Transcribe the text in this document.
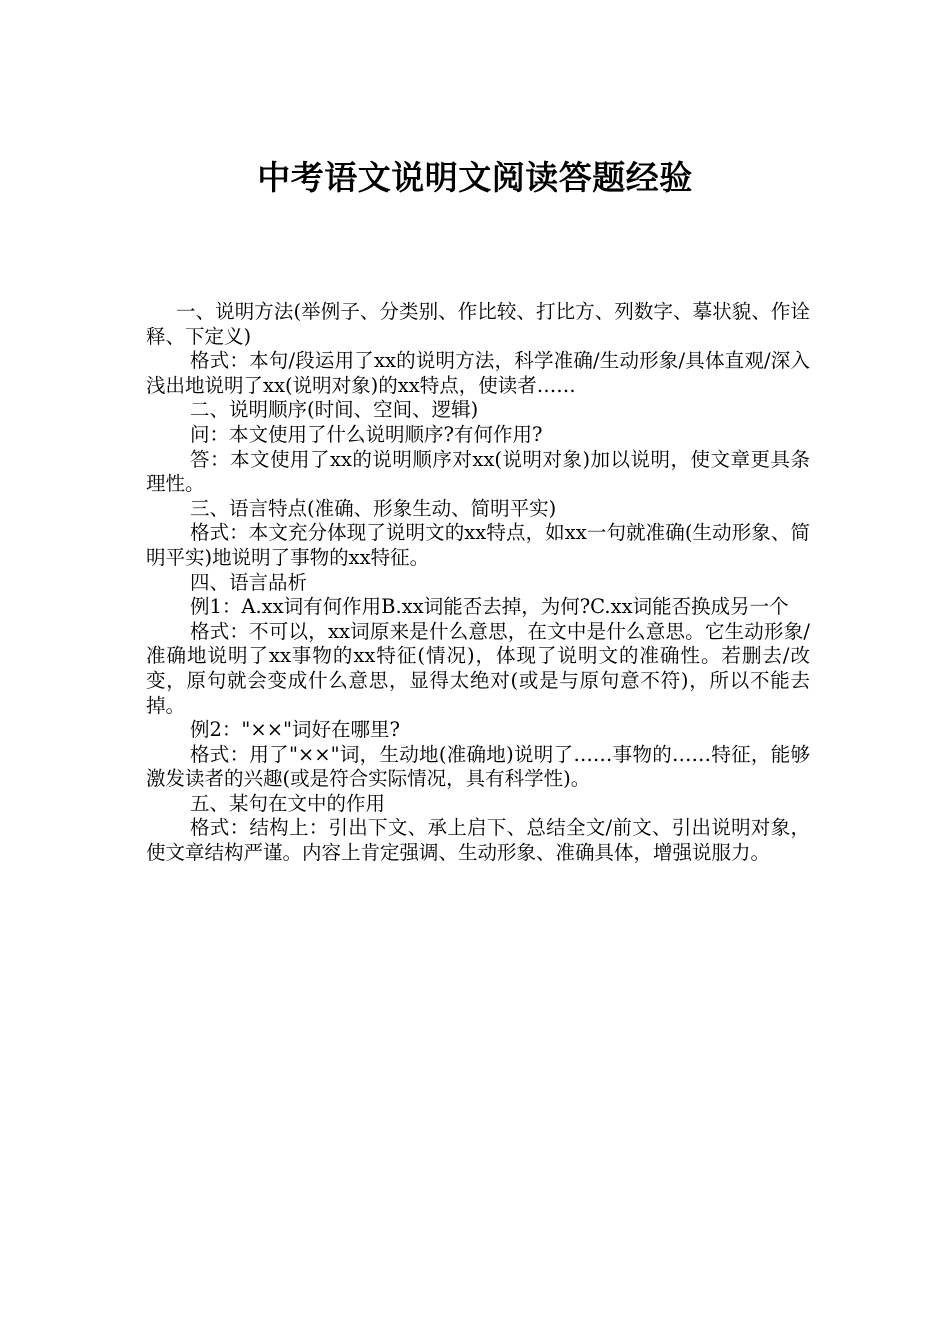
中考语文说明文阅读答题经验

一、说明方法(举例子、分类别、作比较、打比方、列数字、摹状貌、作诠释、下定义)

格式：本句/段运用了xx的说明方法，科学准确/生动形象/具体直观/深入浅出地说明了xx(说明对象)的xx特点，使读者……

二、说明顺序(时间、空间、逻辑)

问：本文使用了什么说明顺序?有何作用?

答：本文使用了xx的说明顺序对xx(说明对象)加以说明，使文章更具条理性。

三、语言特点(准确、形象生动、简明平实)

格式：本文充分体现了说明文的xx特点，如xx一句就准确(生动形象、简明平实)地说明了事物的xx特征。

四、语言品析

例1：A.xx词有何作用B.xx词能否去掉，为何?C.xx词能否换成另一个

格式：不可以，xx词原来是什么意思，在文中是什么意思。它生动形象/准确地说明了xx事物的xx特征(情况)，体现了说明文的准确性。若删去/改变，原句就会变成什么意思，显得太绝对(或是与原句意不符)，所以不能去掉。

例2："××"词好在哪里?

格式：用了"××"词，生动地(准确地)说明了……事物的……特征，能够激发读者的兴趣(或是符合实际情况，具有科学性)。

五、某句在文中的作用

格式：结构上：引出下文、承上启下、总结全文/前文、引出说明对象，使文章结构严谨。内容上肯定强调、生动形象、准确具体，增强说服力。
